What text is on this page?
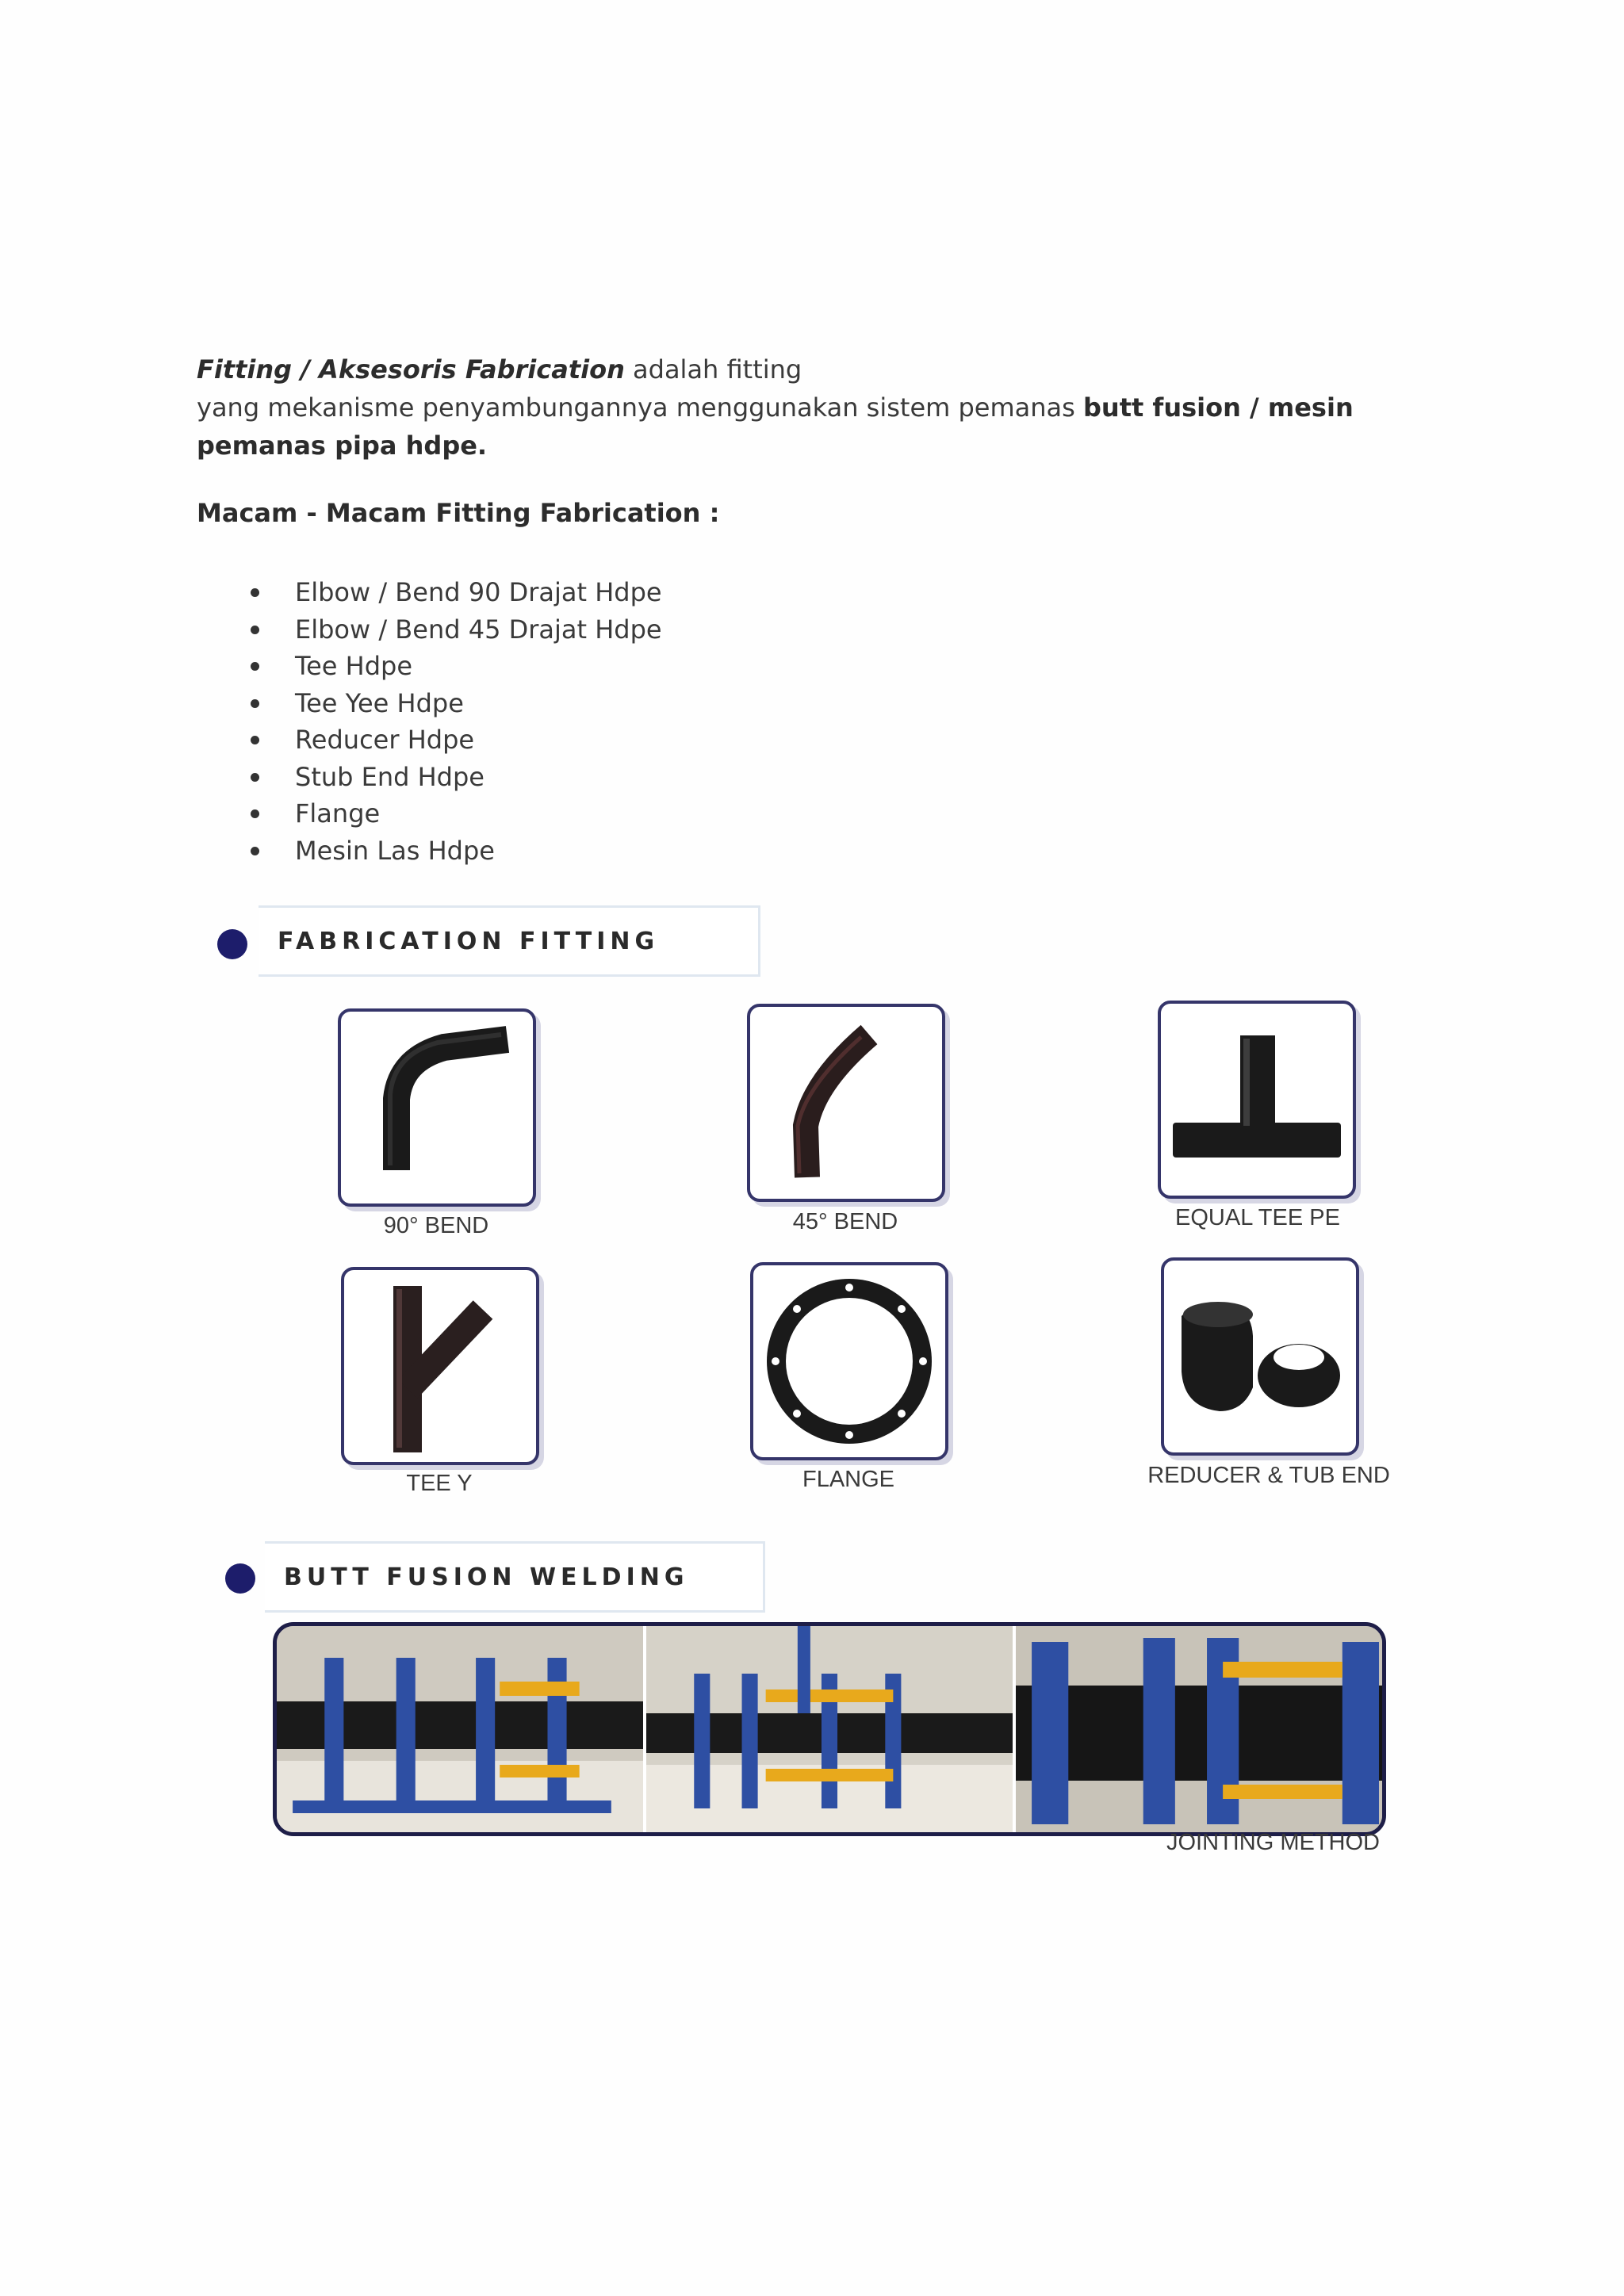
Fitting / Aksesoris Fabrication adalah fitting
yang mekanisme penyambungannya menggunakan sistem pemanas butt fusion / mesin pemanas pipa hdpe.

Macam - Macam Fitting Fabrication :

Elbow / Bend 90 Drajat Hdpe
Elbow / Bend 45 Drajat Hdpe
Tee Hdpe
Tee Yee Hdpe
Reducer Hdpe
Stub End Hdpe
Flange
Mesin Las Hdpe
FABRICATION FITTING
90° BEND	45° BEND	EQUAL TEE PE
TEE Y	FLANGE	REDUCER & TUB END
BUTT FUSION WELDING
JOINTING METHOD
